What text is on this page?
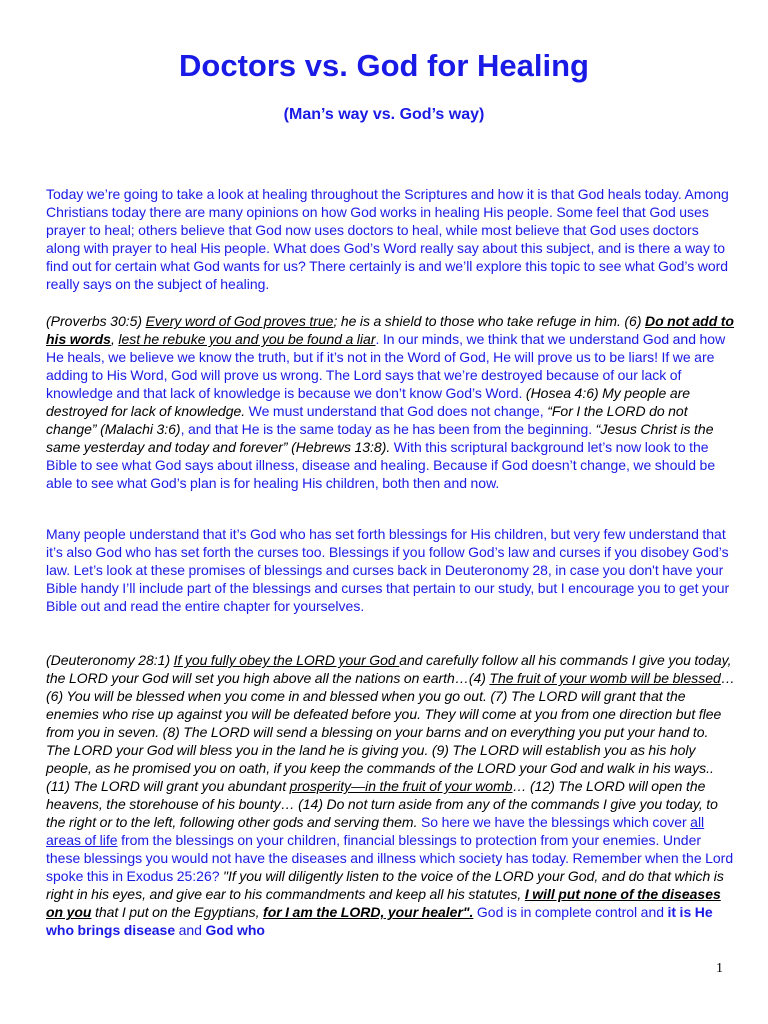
Doctors vs. God for Healing
(Man’s way vs. God’s way)

Today we’re going to take a look at healing throughout the Scriptures and how it is that God heals today. Among Christians today there are many opinions on how God works in healing His people. Some feel that God uses prayer to heal; others believe that God now uses doctors to heal, while most believe that God uses doctors along with prayer to heal His people. What does God’s Word really say about this subject, and is there a way to find out for certain what God wants for us? There certainly is and we’ll explore this topic to see what God’s word really says on the subject of healing.

(Proverbs 30:5) Every word of God proves true; he is a shield to those who take refuge in him. (6) Do not add to his words, lest he rebuke you and you be found a liar. In our minds, we think that we understand God and how He heals, we believe we know the truth, but if it’s not in the Word of God, He will prove us to be liars! If we are adding to His Word, God will prove us wrong. The Lord says that we’re destroyed because of our lack of knowledge and that lack of knowledge is because we don’t know God’s Word. (Hosea 4:6) My people are destroyed for lack of knowledge. We must understand that God does not change, “For I the LORD do not change” (Malachi 3:6), and that He is the same today as he has been from the beginning. “Jesus Christ is the same yesterday and today and forever” (Hebrews 13:8). With this scriptural background let’s now look to the Bible to see what God says about illness, disease and healing. Because if God doesn’t change, we should be able to see what God’s plan is for healing His children, both then and now.

Many people understand that it’s God who has set forth blessings for His children, but very few understand that it’s also God who has set forth the curses too. Blessings if you follow God’s law and curses if you disobey God’s law. Let’s look at these promises of blessings and curses back in Deuteronomy 28, in case you don't have your Bible handy I’ll include part of the blessings and curses that pertain to our study, but I encourage you to get your Bible out and read the entire chapter for yourselves.

(Deuteronomy 28:1) If you fully obey the LORD your God and carefully follow all his commands I give you today, the LORD your God will set you high above all the nations on earth…(4) The fruit of your womb will be blessed…(6) You will be blessed when you come in and blessed when you go out. (7) The LORD will grant that the enemies who rise up against you will be defeated before you. They will come at you from one direction but flee from you in seven. (8) The LORD will send a blessing on your barns and on everything you put your hand to. The LORD your God will bless you in the land he is giving you. (9) The LORD will establish you as his holy people, as he promised you on oath, if you keep the commands of the LORD your God and walk in his ways.. (11) The LORD will grant you abundant prosperity—in the fruit of your womb… (12) The LORD will open the heavens, the storehouse of his bounty… (14) Do not turn aside from any of the commands I give you today, to the right or to the left, following other gods and serving them. So here we have the blessings which cover all areas of life from the blessings on your children, financial blessings to protection from your enemies. Under these blessings you would not have the diseases and illness which society has today. Remember when the Lord spoke this in Exodus 25:26? "If you will diligently listen to the voice of the LORD your God, and do that which is right in his eyes, and give ear to his commandments and keep all his statutes, I will put none of the diseases on you that I put on the Egyptians, for I am the LORD, your healer". God is in complete control and it is He who brings disease and God who

1
